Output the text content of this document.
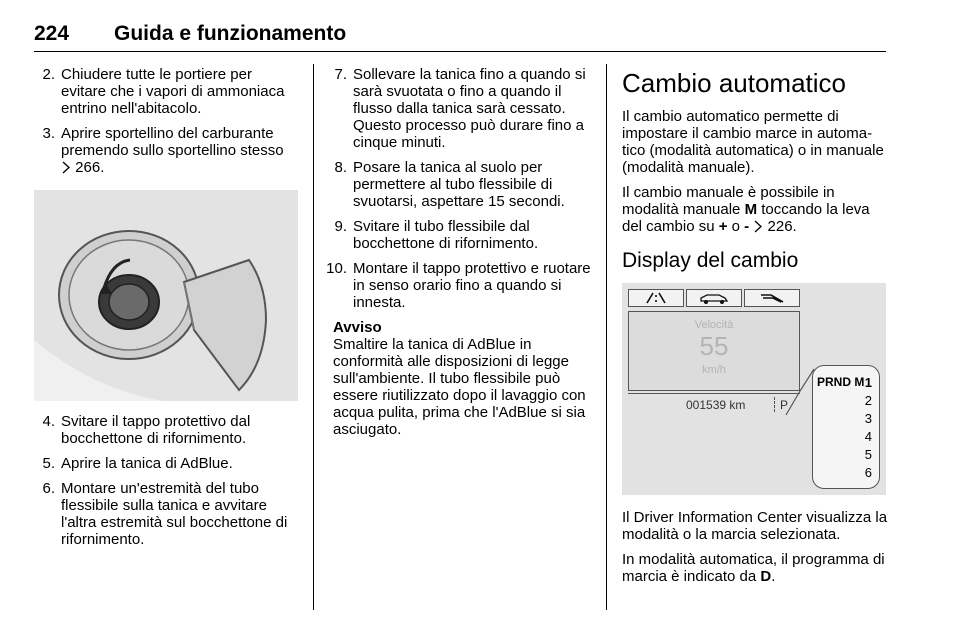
224 Guida e funzionamento
2. Chiudere tutte le portiere per evitare che i vapori di ammoniaca entrino nell'abitacolo.
3. Aprire sportellino del carburante premendo sullo sportellino stesso

266.
4. Svitare il tappo protettivo dal bocchettone di rifornimento.
5. Aprire la tanica di AdBlue.
6. Montare un'estremità del tubo flessibile sulla tanica e avvitare l'altra estremità sul bocchettone di rifornimento.
7. Sollevare la tanica fino a quando si sarà svuotata o fino a quando il flusso dalla tanica sarà cessato. Questo processo può durare fino a cinque minuti.
8. Posare la tanica al suolo per permettere al tubo flessibile di svuotarsi, aspettare 15 secondi.
9. Svitare il tubo flessibile dal bocchettone di rifornimento.
10. Montare il tappo protettivo e ruotare in senso orario fino a quando si innesta.
Avviso
Smaltire la tanica di AdBlue in conformità alle disposizioni di legge sull'ambiente. Il tubo flessibile può essere riutilizzato dopo il lavaggio con acqua pulita, prima che l'AdBlue si sia asciugato.
Cambio automatico
Il cambio automatico permette di impostare il cambio marce in automatico (modalità automatica) o in manuale (modalità manuale).
Il cambio manuale è possibile in modalità manuale M toccando la leva del cambio su + o - 226.
Display del cambio
Velocità
55
km/h
001539 km	P
PRND M 1
2
3
4
5
6
Il Driver Information Center visualizza la modalità o la marcia selezionata.
In modalità automatica, il programma di marcia è indicato da D.
